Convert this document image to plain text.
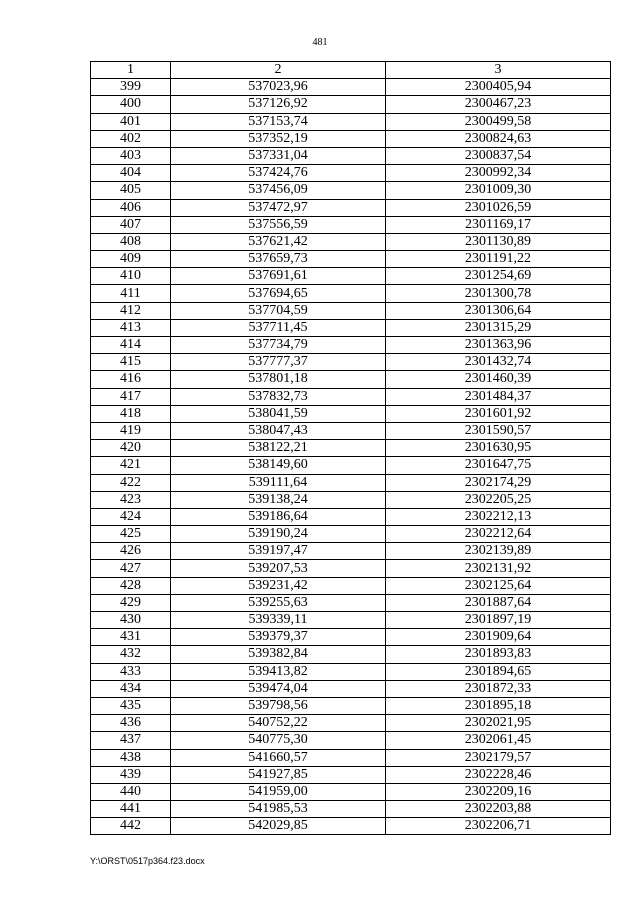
481
1	2	3
399	537023,96	2300405,94
400	537126,92	2300467,23
401	537153,74	2300499,58
402	537352,19	2300824,63
403	537331,04	2300837,54
404	537424,76	2300992,34
405	537456,09	2301009,30
406	537472,97	2301026,59
407	537556,59	2301169,17
408	537621,42	2301130,89
409	537659,73	2301191,22
410	537691,61	2301254,69
411	537694,65	2301300,78
412	537704,59	2301306,64
413	537711,45	2301315,29
414	537734,79	2301363,96
415	537777,37	2301432,74
416	537801,18	2301460,39
417	537832,73	2301484,37
418	538041,59	2301601,92
419	538047,43	2301590,57
420	538122,21	2301630,95
421	538149,60	2301647,75
422	539111,64	2302174,29
423	539138,24	2302205,25
424	539186,64	2302212,13
425	539190,24	2302212,64
426	539197,47	2302139,89
427	539207,53	2302131,92
428	539231,42	2302125,64
429	539255,63	2301887,64
430	539339,11	2301897,19
431	539379,37	2301909,64
432	539382,84	2301893,83
433	539413,82	2301894,65
434	539474,04	2301872,33
435	539798,56	2301895,18
436	540752,22	2302021,95
437	540775,30	2302061,45
438	541660,57	2302179,57
439	541927,85	2302228,46
440	541959,00	2302209,16
441	541985,53	2302203,88
442	542029,85	2302206,71
Y:\ORST\0517p364.f23.docx
